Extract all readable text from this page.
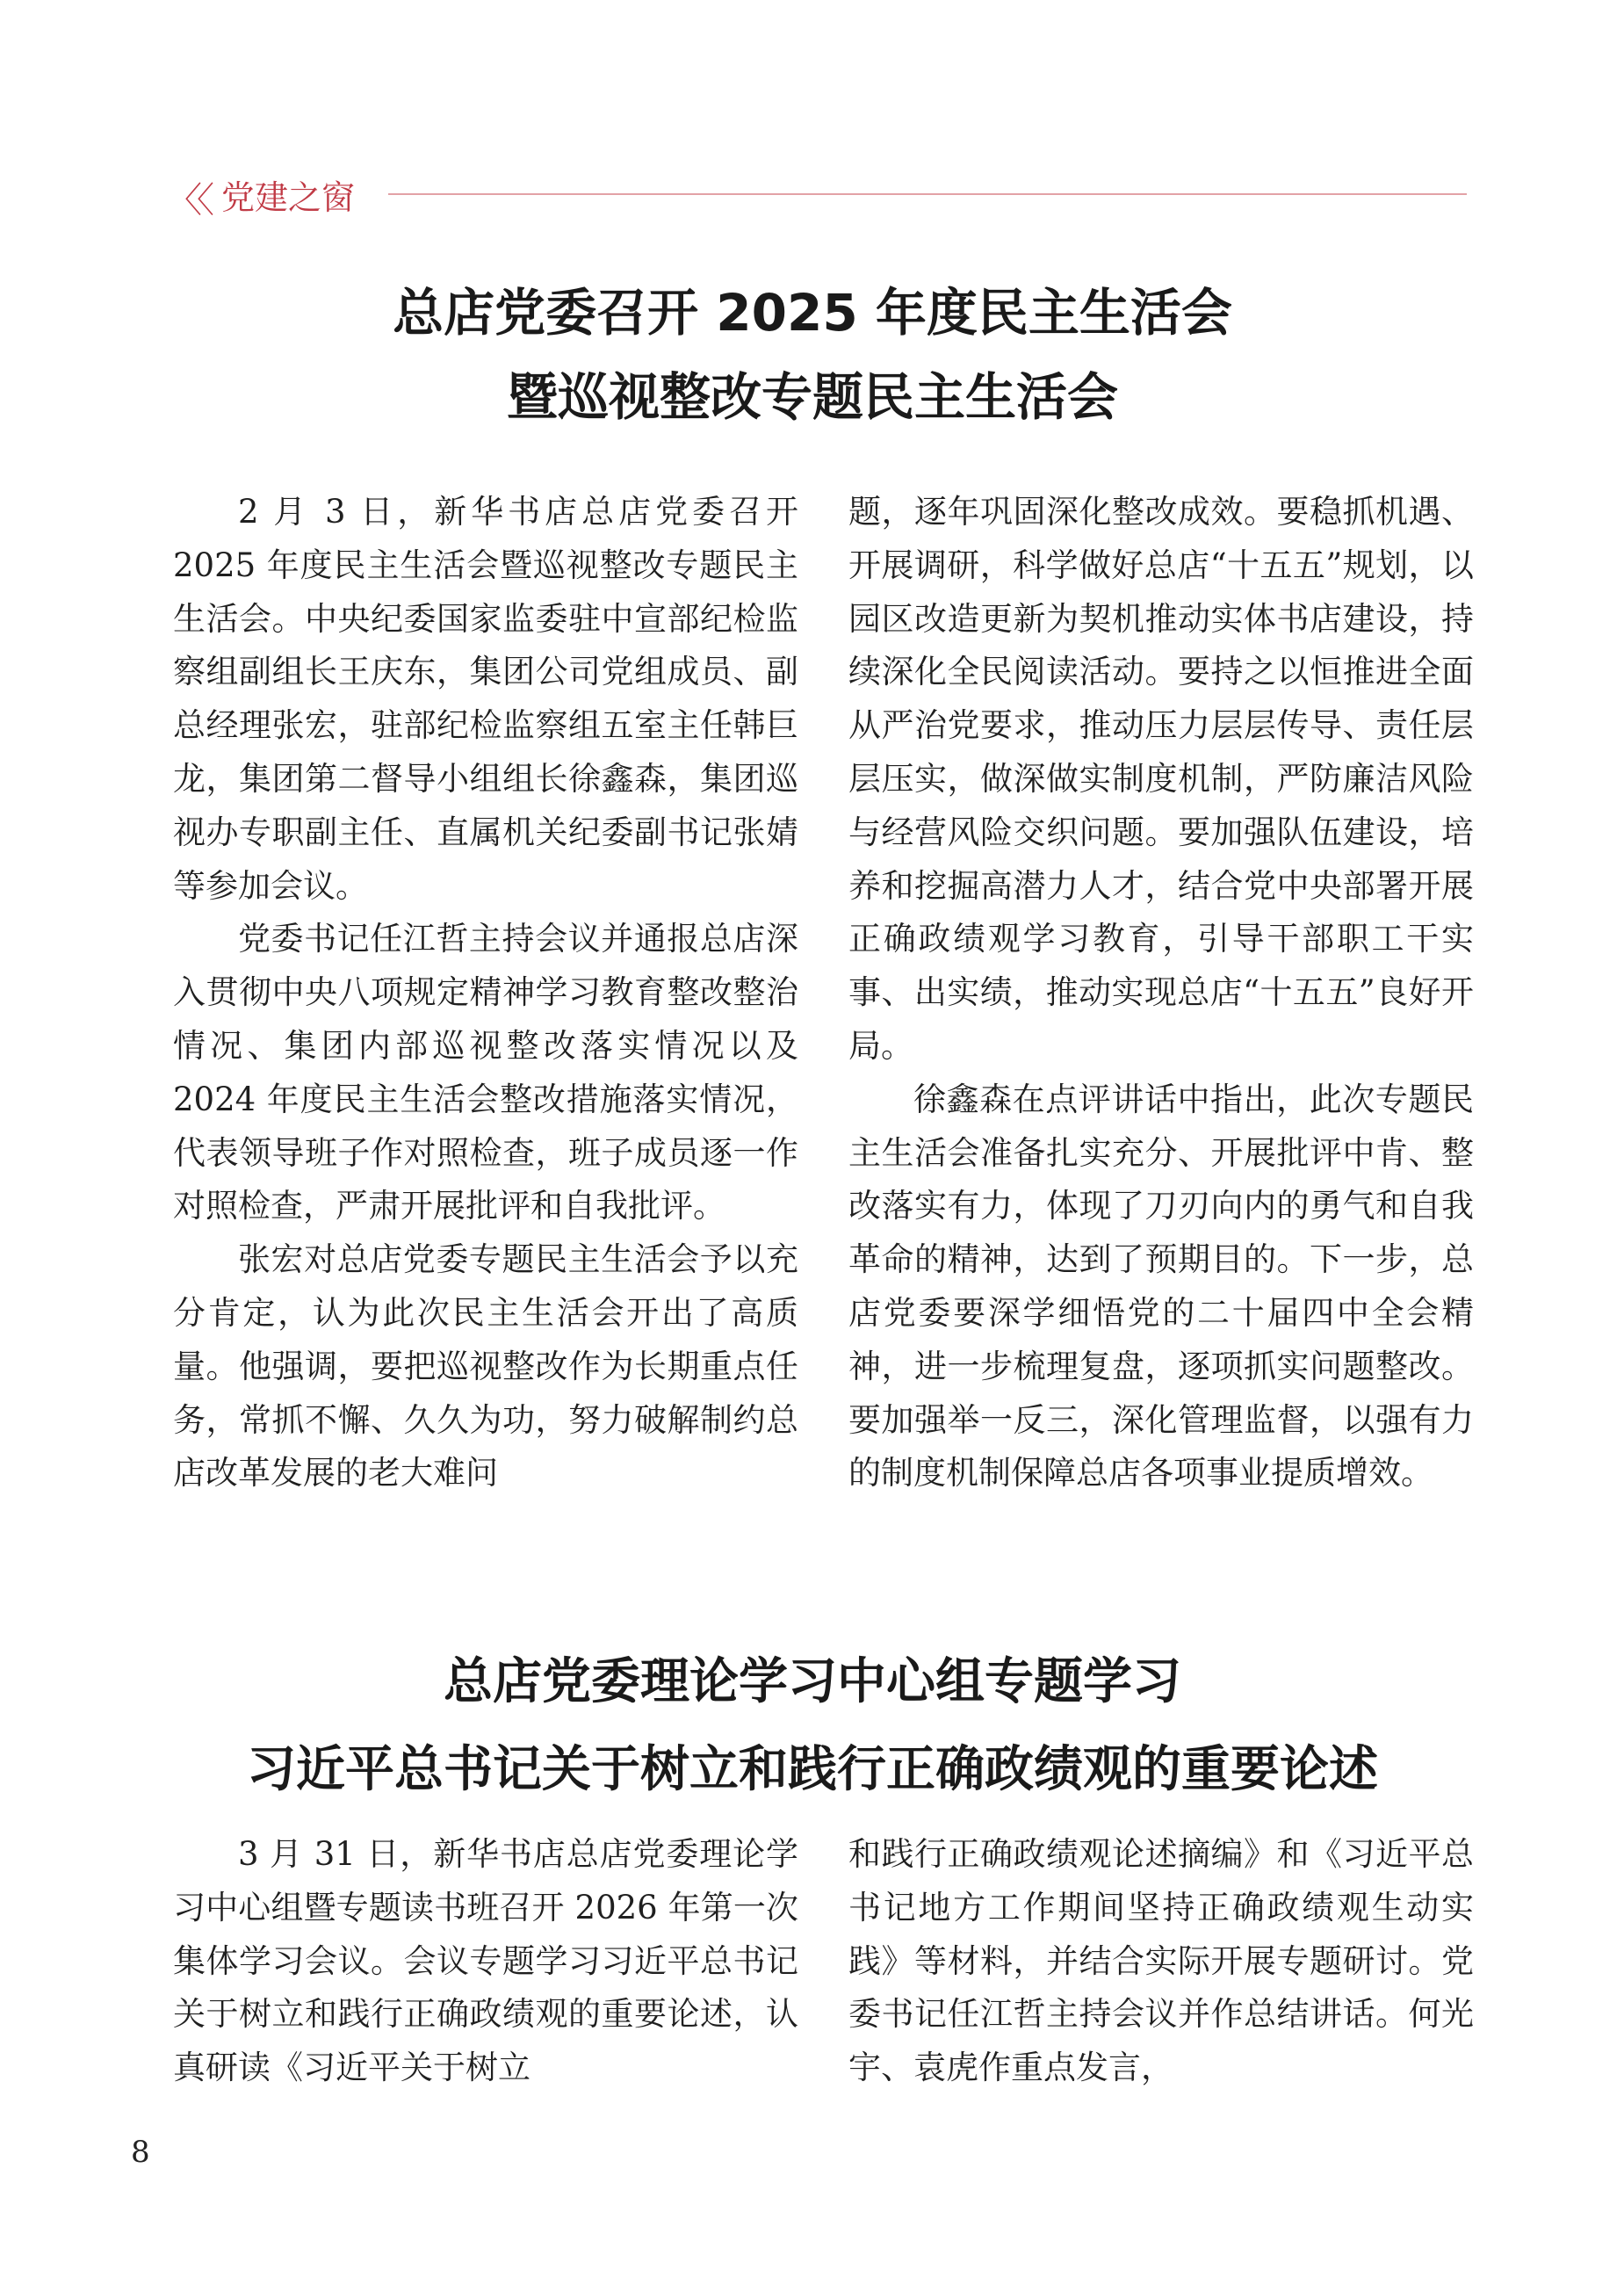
〈〈 党建之窗
总店党委召开 2025 年度民主生活会
暨巡视整改专题民主生活会

2 月 3 日，新华书店总店党委召开 2025 年度民主生活会暨巡视整改专题民主生活会。中央纪委国家监委驻中宣部纪检监察组副组长王庆东，集团公司党组成员、副总经理张宏，驻部纪检监察组五室主任韩巨龙，集团第二督导小组组长徐鑫森，集团巡视办专职副主任、直属机关纪委副书记张婧等参加会议。

党委书记任江哲主持会议并通报总店深入贯彻中央八项规定精神学习教育整改整治情况、集团内部巡视整改落实情况以及 2024 年度民主生活会整改措施落实情况，代表领导班子作对照检查，班子成员逐一作对照检查，严肃开展批评和自我批评。

张宏对总店党委专题民主生活会予以充分肯定，认为此次民主生活会开出了高质量。他强调，要把巡视整改作为长期重点任务，常抓不懈、久久为功，努力破解制约总店改革发展的老大难问

题，逐年巩固深化整改成效。要稳抓机遇、开展调研，科学做好总店“十五五”规划，以园区改造更新为契机推动实体书店建设，持续深化全民阅读活动。要持之以恒推进全面从严治党要求，推动压力层层传导、责任层层压实，做深做实制度机制，严防廉洁风险与经营风险交织问题。要加强队伍建设，培养和挖掘高潜力人才，结合党中央部署开展正确政绩观学习教育，引导干部职工干实事、出实绩，推动实现总店“十五五”良好开局。

徐鑫森在点评讲话中指出，此次专题民主生活会准备扎实充分、开展批评中肯、整改落实有力，体现了刀刃向内的勇气和自我革命的精神，达到了预期目的。下一步，总店党委要深学细悟党的二十届四中全会精神，进一步梳理复盘，逐项抓实问题整改。要加强举一反三，深化管理监督，以强有力的制度机制保障总店各项事业提质增效。

总店党委理论学习中心组专题学习
习近平总书记关于树立和践行正确政绩观的重要论述

3 月 31 日，新华书店总店党委理论学习中心组暨专题读书班召开 2026 年第一次集体学习会议。会议专题学习习近平总书记关于树立和践行正确政绩观的重要论述，认真研读《习近平关于树立

和践行正确政绩观论述摘编》和《习近平总书记地方工作期间坚持正确政绩观生动实践》等材料，并结合实际开展专题研讨。党委书记任江哲主持会议并作总结讲话。何光宇、袁虎作重点发言，

8
